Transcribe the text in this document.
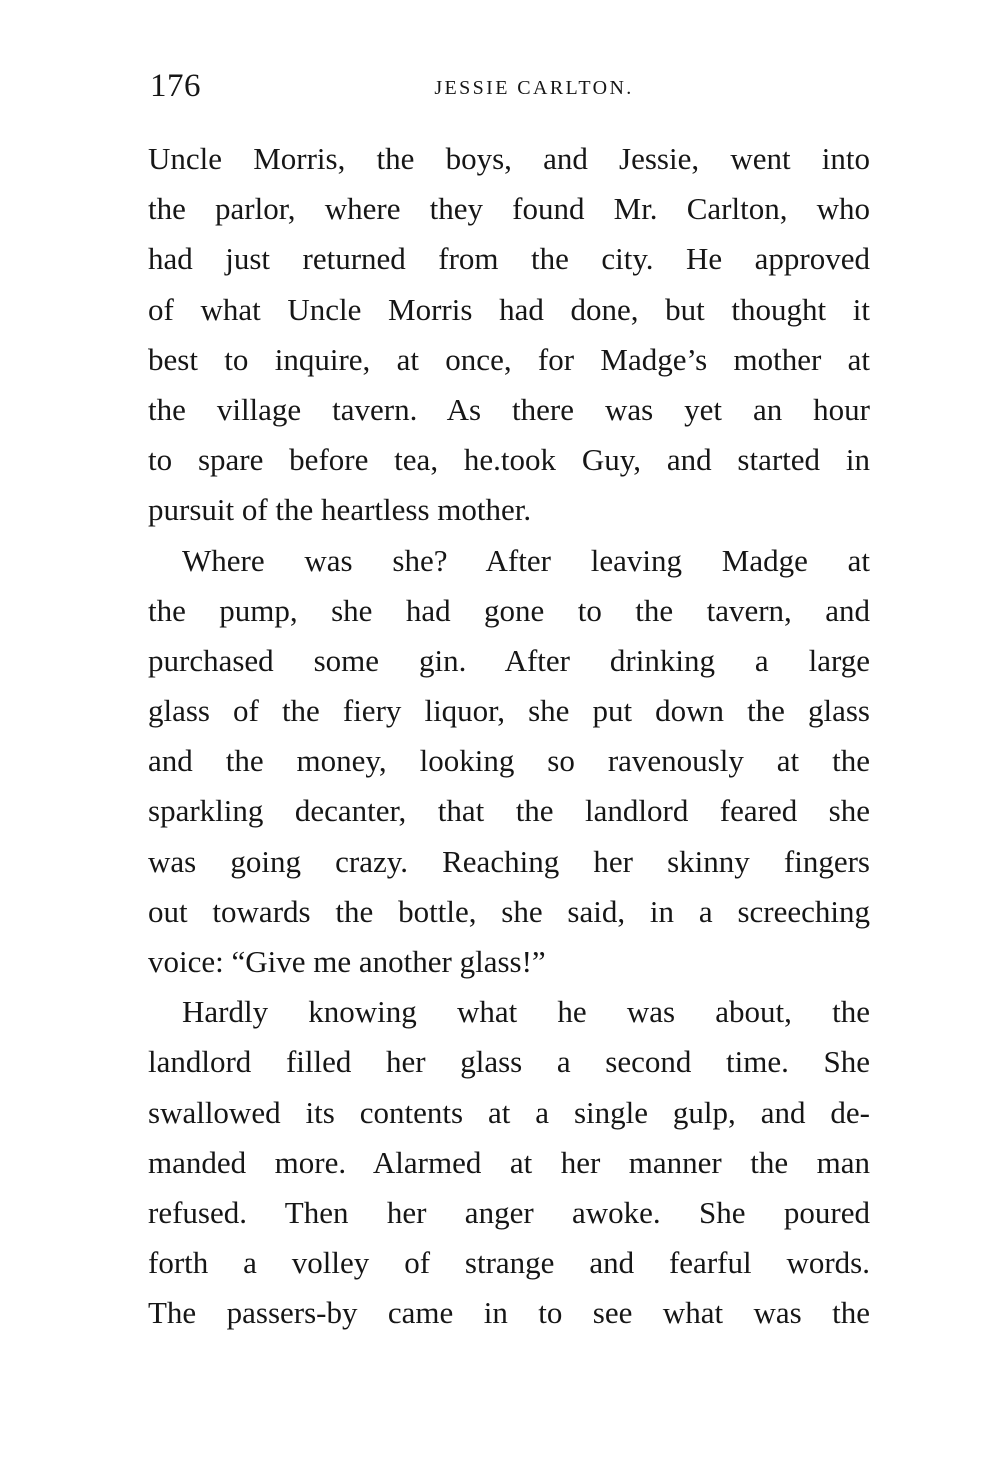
176	JESSIE CARLTON.

Uncle Morris, the boys, and Jessie, went into
the parlor, where they found Mr. Carlton, who
had just returned from the city. He approved
of what Uncle Morris had done, but thought it
best to inquire, at once, for Madge’s mother at
the village tavern. As there was yet an hour
to spare before tea, he.took Guy, and started in
pursuit of the heartless mother.

Where was she? After leaving Madge at
the pump, she had gone to the tavern, and
purchased some gin. After drinking a large
glass of the fiery liquor, she put down the glass
and the money, looking so ravenously at the
sparkling decanter, that the landlord feared she
was going crazy. Reaching her skinny fingers
out towards the bottle, she said, in a screeching
voice: “Give me another glass!”

Hardly knowing what he was about, the
landlord filled her glass a second time. She
swallowed its contents at a single gulp, and de-
manded more. Alarmed at her manner the man
refused. Then her anger awoke. She poured
forth a volley of strange and fearful words.
The passers-by came in to see what was the
